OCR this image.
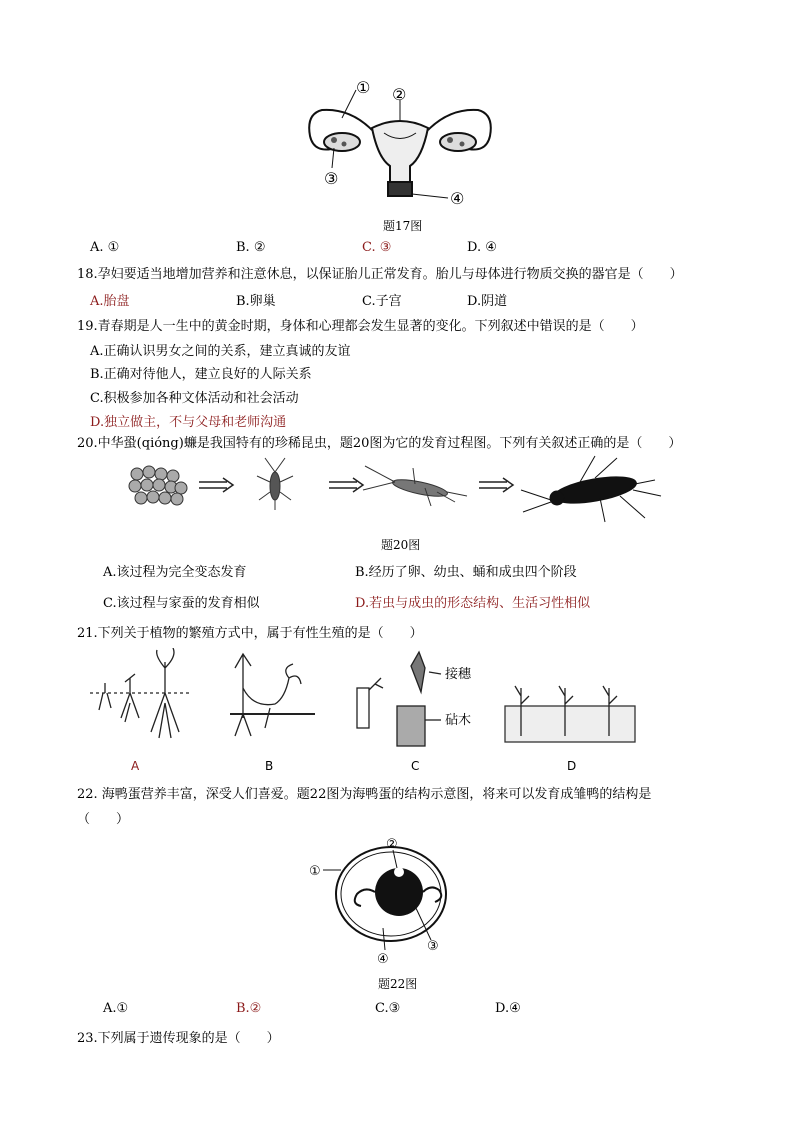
① ②
③
④
题17图
A. ①	B. ②	C. ③	D. ④
18.孕妇要适当地增加营养和注意休息，以保证胎儿正常发育。胎儿与母体进行物质交换的器官是（　　）
A.胎盘	B.卵巢	C.子宫	D.阴道
19.青春期是人一生中的黄金时期，身体和心理都会发生显著的变化。下列叙述中错误的是（　　）
A.正确认识男女之间的关系，建立真诚的友谊
B.正确对待他人，建立良好的人际关系
C.积极参加各种文体活动和社会活动
D.独立做主，不与父母和老师沟通
20.中华蛩(qióng)蠊是我国特有的珍稀昆虫，题20图为它的发育过程图。下列有关叙述正确的是（　　）
题20图
A.该过程为完全变态发育	B.经历了卵、幼虫、蛹和成虫四个阶段
C.该过程与家蚕的发育相似	D.若虫与成虫的形态结构、生活习性相似
21.下列关于植物的繁殖方式中，属于有性生殖的是（　　）
接穗
砧木
A	B	C	D
22. 海鸭蛋营养丰富，深受人们喜爱。题22图为海鸭蛋的结构示意图，将来可以发育成雏鸭的结构是
（　　）
①
②
③
④
题22图
A.①	B.②	C.③	D.④
23.下列属于遗传现象的是（　　）
